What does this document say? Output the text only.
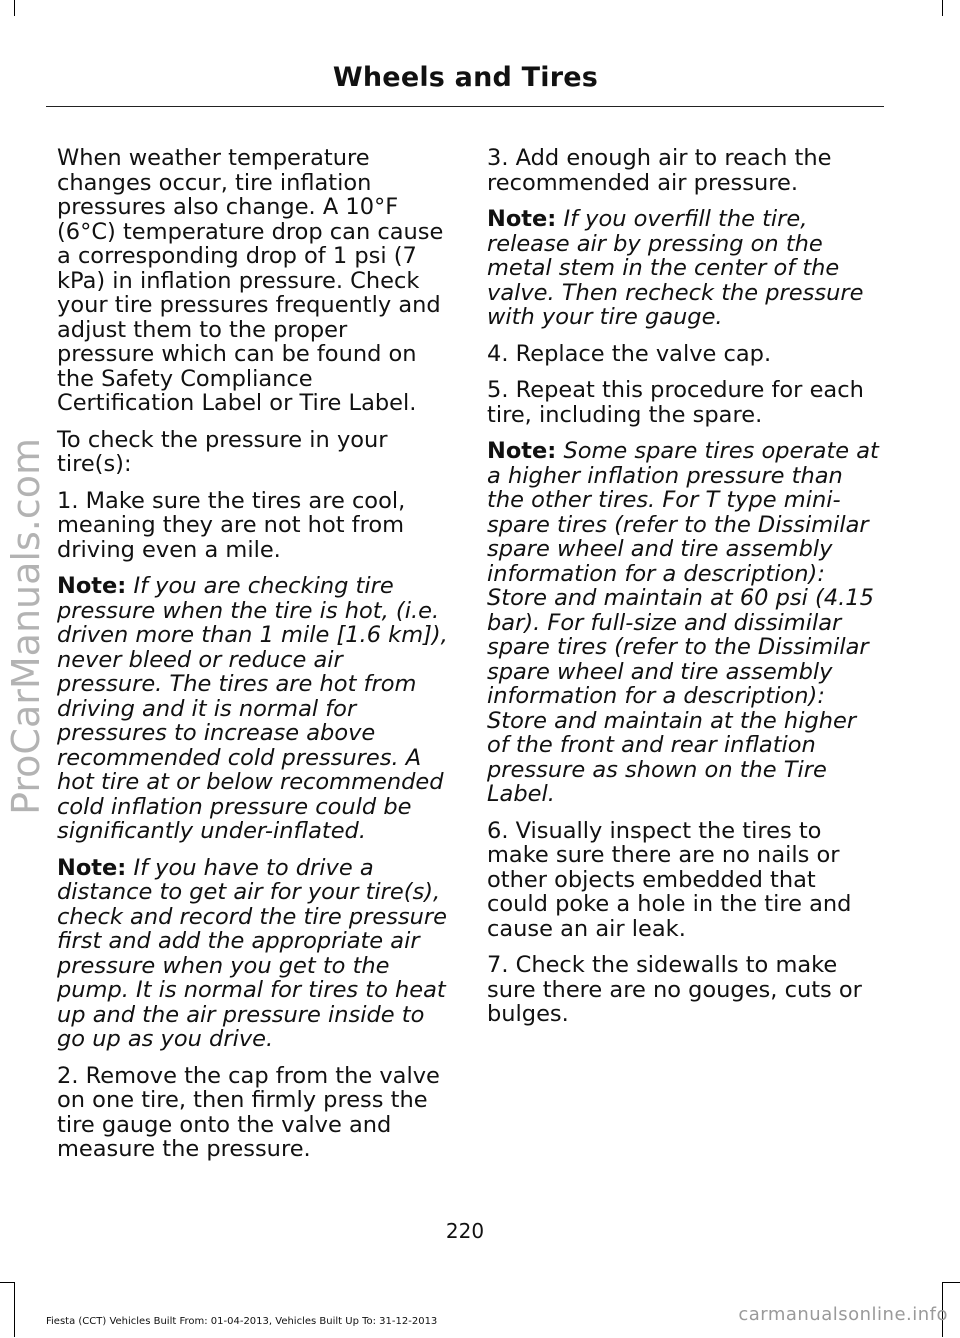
Wheels and Tires

When weather temperature changes occur, tire inflation pressures also change. A 10°F (6°C) temperature drop can cause a corresponding drop of 1 psi (7 kPa) in inflation pressure. Check your tire pressures frequently and adjust them to the proper pressure which can be found on the Safety Compliance Certification Label or Tire Label.

To check the pressure in your tire(s):

1. Make sure the tires are cool, meaning they are not hot from driving even a mile.

Note: If you are checking tire pressure when the tire is hot, (i.e. driven more than 1 mile [1.6 km]), never bleed or reduce air pressure. The tires are hot from driving and it is normal for pressures to increase above recommended cold pressures. A hot tire at or below recommended cold inflation pressure could be significantly under-inflated.

Note: If you have to drive a distance to get air for your tire(s), check and record the tire pressure first and add the appropriate air pressure when you get to the pump. It is normal for tires to heat up and the air pressure inside to go up as you drive.

2. Remove the cap from the valve on one tire, then firmly press the tire gauge onto the valve and measure the pressure.

3. Add enough air to reach the recommended air pressure.

Note: If you overfill the tire, release air by pressing on the metal stem in the center of the valve. Then recheck the pressure with your tire gauge.

4. Replace the valve cap.

5. Repeat this procedure for each tire, including the spare.

Note: Some spare tires operate at a higher inflation pressure than the other tires. For T type mini-spare tires (refer to the Dissimilar spare wheel and tire assembly information for a description): Store and maintain at 60 psi (4.15 bar). For full-size and dissimilar spare tires (refer to the Dissimilar spare wheel and tire assembly information for a description): Store and maintain at the higher of the front and rear inflation pressure as shown on the Tire Label.

6. Visually inspect the tires to make sure there are no nails or other objects embedded that could poke a hole in the tire and cause an air leak.

7. Check the sidewalls to make sure there are no gouges, cuts or bulges.

ProCarManuals.com
220
Fiesta (CCT) Vehicles Built From: 01-04-2013, Vehicles Built Up To: 31-12-2013	carmanualsonline.info
